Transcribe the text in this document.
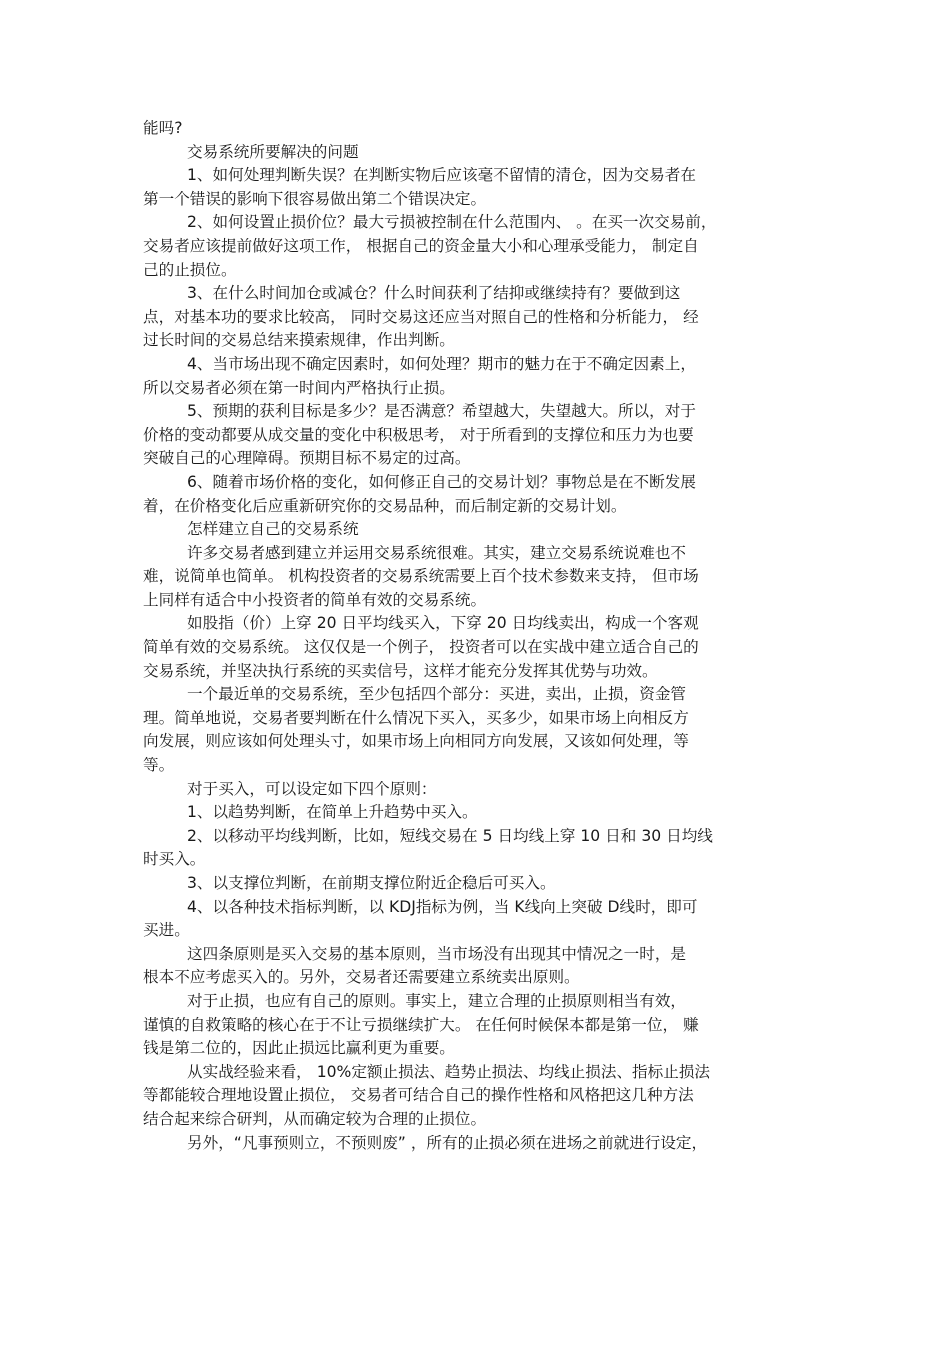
能吗?

交易系统所要解决的问题

1、如何处理判断失误？在判断实物后应该毫不留情的清仓，因为交易者在

第一个错误的影响下很容易做出第二个错误决定。

2、如何设置止损价位？最大亏损被控制在什么范围内、 。在买一次交易前，

交易者应该提前做好这项工作， 根据自己的资金量大小和心理承受能力， 制定自

己的止损位。

3、在什么时间加仓或减仓？什么时间获利了结抑或继续持有？要做到这

点，对基本功的要求比较高， 同时交易这还应当对照自己的性格和分析能力， 经

过长时间的交易总结来摸索规律，作出判断。

4、当市场出现不确定因素时，如何处理？期市的魅力在于不确定因素上，

所以交易者必须在第一时间内严格执行止损。

5、预期的获利目标是多少？是否满意？希望越大，失望越大。所以，对于

价格的变动都要从成交量的变化中积极思考， 对于所看到的支撑位和压力为也要

突破自己的心理障碍。预期目标不易定的过高。

6、随着市场价格的变化，如何修正自己的交易计划？事物总是在不断发展

着，在价格变化后应重新研究你的交易品种，而后制定新的交易计划。

怎样建立自己的交易系统

许多交易者感到建立并运用交易系统很难。其实，建立交易系统说难也不

难，说简单也简单。 机构投资者的交易系统需要上百个技术参数来支持， 但市场

上同样有适合中小投资者的简单有效的交易系统。

如股指（价）上穿 20 日平均线买入，下穿 20 日均线卖出，构成一个客观

简单有效的交易系统。 这仅仅是一个例子， 投资者可以在实战中建立适合自己的

交易系统，并坚决执行系统的买卖信号，这样才能充分发挥其优势与功效。

一个最近单的交易系统，至少包括四个部分：买进，卖出，止损，资金管

理。简单地说，交易者要判断在什么情况下买入，买多少，如果市场上向相反方

向发展，则应该如何处理头寸，如果市场上向相同方向发展，又该如何处理，等

等。

对于买入，可以设定如下四个原则：

1、以趋势判断，在简单上升趋势中买入。

2、以移动平均线判断，比如，短线交易在 5 日均线上穿 10 日和 30 日均线

时买入。

3、以支撑位判断，在前期支撑位附近企稳后可买入。

4、以各种技术指标判断，以 KDJ指标为例，当 K线向上突破 D线时，即可

买进。

这四条原则是买入交易的基本原则，当市场没有出现其中情况之一时，是

根本不应考虑买入的。另外，交易者还需要建立系统卖出原则。

对于止损，也应有自己的原则。事实上，建立合理的止损原则相当有效，

谨慎的自救策略的核心在于不让亏损继续扩大。 在任何时候保本都是第一位， 赚

钱是第二位的，因此止损远比赢利更为重要。

从实战经验来看， 10%定额止损法、趋势止损法、均线止损法、指标止损法

等都能较合理地设置止损位， 交易者可结合自己的操作性格和风格把这几种方法

结合起来综合研判，从而确定较为合理的止损位。

另外，“凡事预则立，不预则废” ，所有的止损必须在进场之前就进行设定，
